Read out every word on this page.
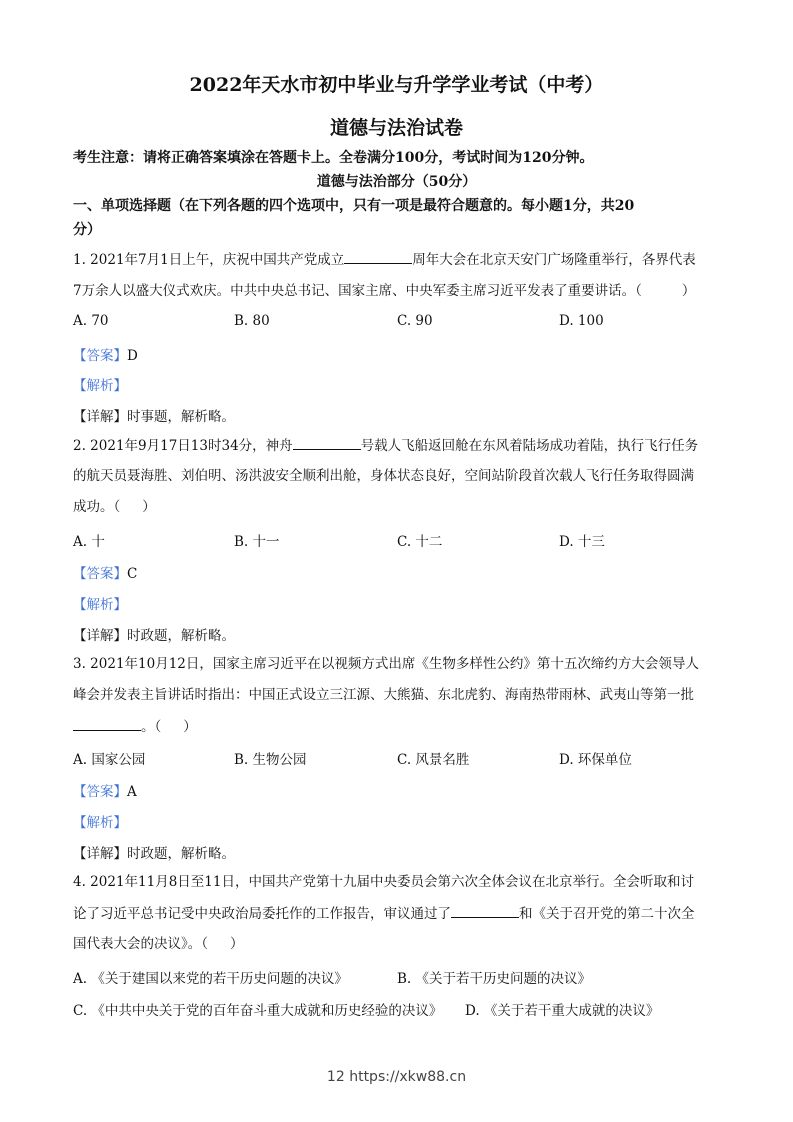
2022年天水市初中毕业与升学学业考试（中考）
道德与法治试卷
考生注意：请将正确答案填涂在答题卡上。全卷满分100分，考试时间为120分钟。
道德与法治部分（50分）
一、单项选择题（在下列各题的四个选项中，只有一项是最符合题意的。每小题1分，共20
分）
1. 2021年7月1日上午，庆祝中国共产党成立	周年大会在北京天安门广场隆重举行，各界代表
7万余人以盛大仪式欢庆。中共中央总书记、国家主席、中央军委主席习近平发表了重要讲话。（	）
A. 70	B. 80	C. 90	D. 100
【答案】D
【解析】
【详解】时事题，解析略。
2. 2021年9月17日13时34分，神舟	号载人飞船返回舱在东风着陆场成功着陆，执行飞行任务
的航天员聂海胜、刘伯明、汤洪波安全顺利出舱，身体状态良好，空间站阶段首次载人飞行任务取得圆满
成功。（ ）
A. 十	B. 十一	C. 十二	D. 十三
【答案】C
【解析】
【详解】时政题，解析略。
3. 2021年10月12日，国家主席习近平在以视频方式出席《生物多样性公约》第十五次缔约方大会领导人
峰会并发表主旨讲话时指出：中国正式设立三江源、大熊猫、东北虎豹、海南热带雨林、武夷山等第一批
。（ ）
A. 国家公园	B. 生物公园	C. 风景名胜	D. 环保单位
【答案】A
【解析】
【详解】时政题，解析略。
4. 2021年11月8日至11日，中国共产党第十九届中央委员会第六次全体会议在北京举行。全会听取和讨
论了习近平总书记受中央政治局委托作的工作报告，审议通过了	和《关于召开党的第二十次全
国代表大会的决议》。（ ）
A. 《关于建国以来党的若干历史问题的决议》	B. 《关于若干历史问题的决议》
C. 《中共中央关于党的百年奋斗重大成就和历史经验的决议》 D. 《关于若干重大成就的决议》
12 https://xkw88.cn
